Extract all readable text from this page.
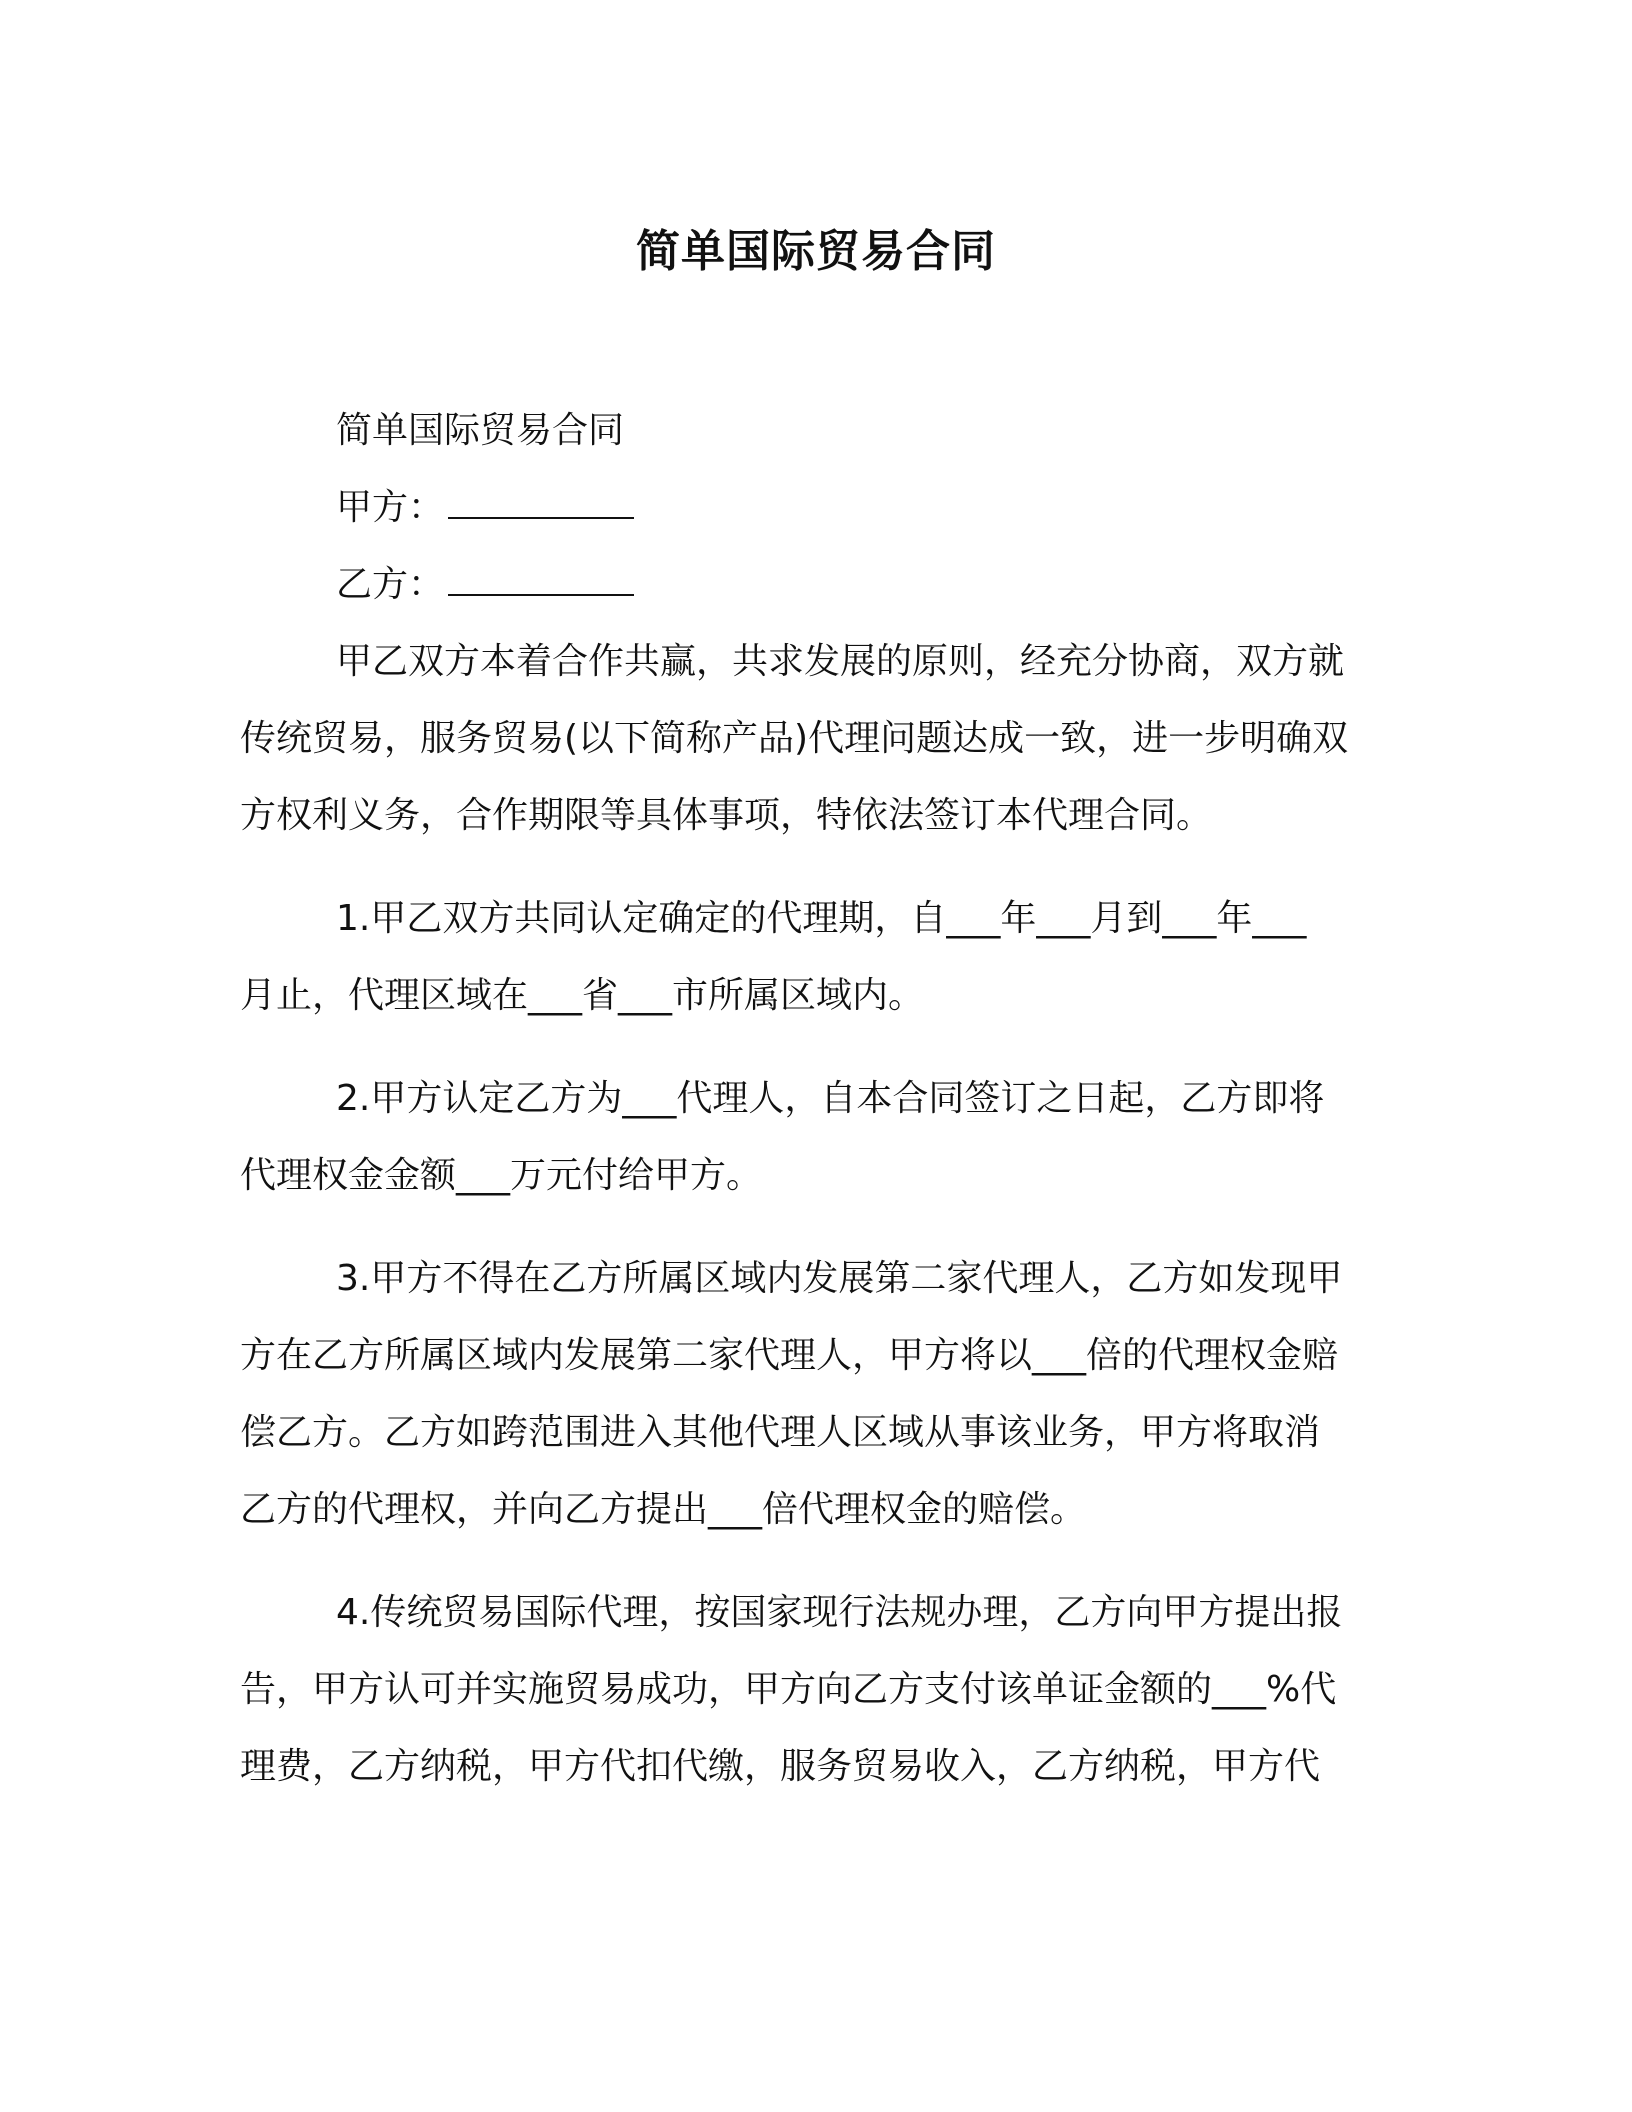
简单国际贸易合同
简单国际贸易合同
甲方：
乙方：
甲乙双方本着合作共赢，共求发展的原则，经充分协商，双方就
传统贸易，服务贸易(以下简称产品)代理问题达成一致，进一步明确双
方权利义务，合作期限等具体事项，特依法签订本代理合同。
1.甲乙双方共同认定确定的代理期，自___年___月到___年___
月止，代理区域在___省___市所属区域内。
2.甲方认定乙方为___代理人，自本合同签订之日起，乙方即将
代理权金金额___万元付给甲方。
3.甲方不得在乙方所属区域内发展第二家代理人，乙方如发现甲
方在乙方所属区域内发展第二家代理人，甲方将以___倍的代理权金赔
偿乙方。乙方如跨范围进入其他代理人区域从事该业务，甲方将取消
乙方的代理权，并向乙方提出___倍代理权金的赔偿。
4.传统贸易国际代理，按国家现行法规办理，乙方向甲方提出报
告，甲方认可并实施贸易成功，甲方向乙方支付该单证金额的___%代
理费，乙方纳税，甲方代扣代缴，服务贸易收入，乙方纳税，甲方代
